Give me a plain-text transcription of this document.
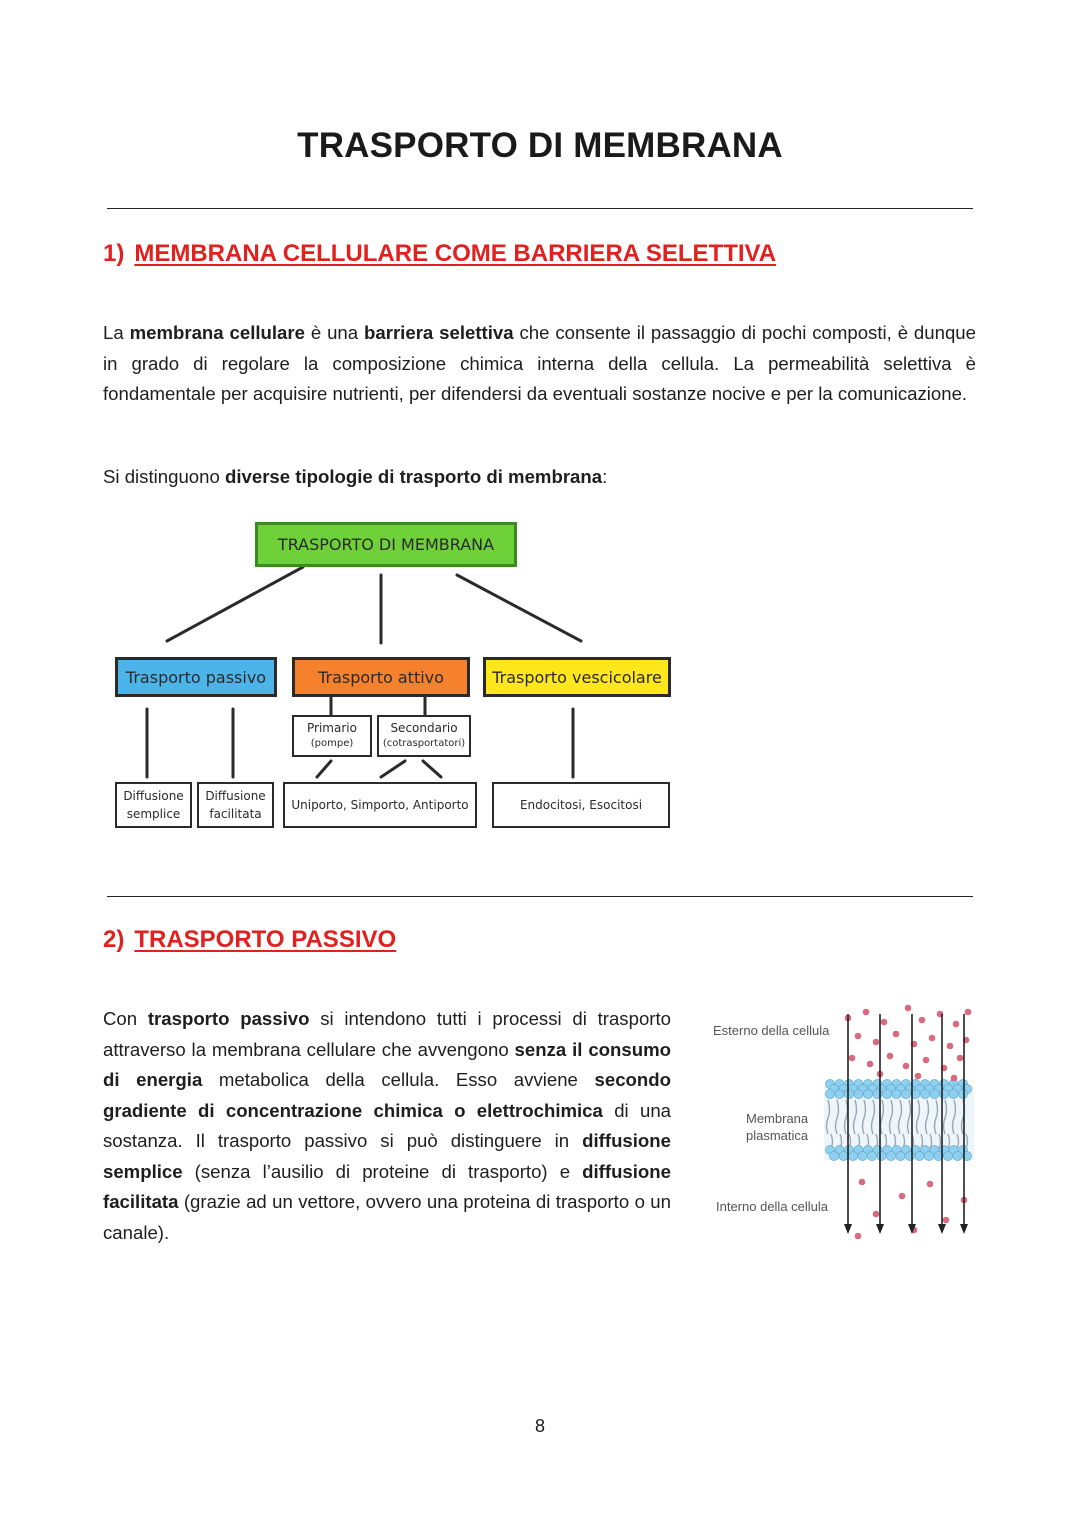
TRASPORTO DI MEMBRANA
1) MEMBRANA CELLULARE COME BARRIERA SELETTIVA

La membrana cellulare è una barriera selettiva che consente il passaggio di pochi composti, è dunque in grado di regolare la composizione chimica interna della cellula. La permeabilità selettiva è fondamentale per acquisire nutrienti, per difendersi da eventuali sostanze nocive e per la comunicazione.

Si distinguono diverse tipologie di trasporto di membrana:

TRASPORTO DI MEMBRANA
Trasporto passivo	Trasporto attivo	Trasporto vescicolare
Primario
(pompe)
Secondario
(cotrasportatori)
Diffusione semplice
Diffusione facilitata
Uniporto, Simporto, Antiporto	Endocitosi, Esocitosi
2) TRASPORTO PASSIVO

Con trasporto passivo si intendono tutti i processi di trasporto attraverso la membrana cellulare che avvengono senza il consumo di energia metabolica della cellula. Esso avviene secondo gradiente di concentrazione chimica o elettrochimica di una sostanza. Il trasporto passivo si può distinguere in diffusione semplice (senza l’ausilio di proteine di trasporto) e diffusione facilitata (grazie ad un vettore, ovvero una proteina di trasporto o un canale).

Esterno della cellula
Membrana plasmatica
Interno della cellula
8
